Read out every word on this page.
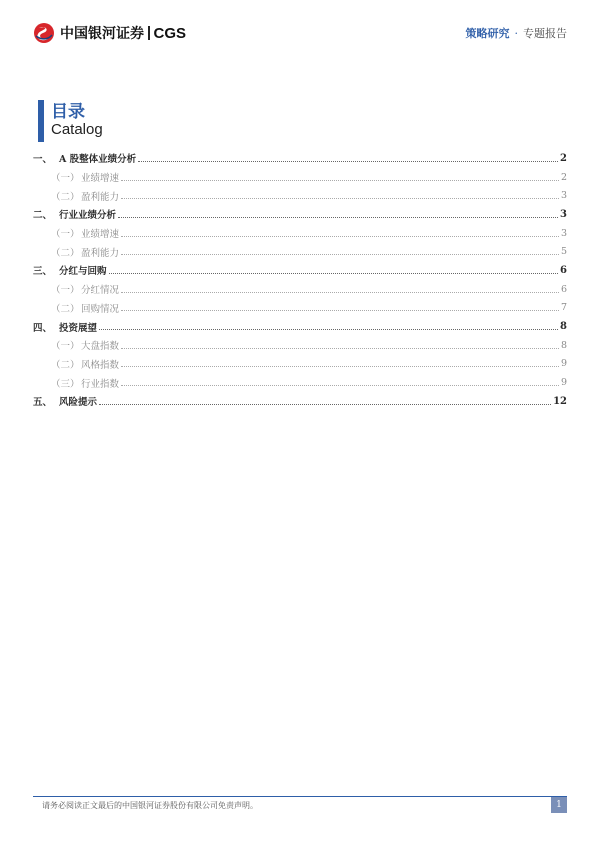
中国银河证券 CGS	策略研究 · 专题报告
目录
Catalog
一、 A 股整体业绩分析	2
（一） 业绩增速	2
（二） 盈利能力	3
二、 行业业绩分析	3
（一） 业绩增速	3
（二） 盈利能力	5
三、 分红与回购	6
（一） 分红情况	6
（二） 回购情况	7
四、 投资展望	8
（一） 大盘指数	8
（二） 风格指数	9
（三） 行业指数	9
五、 风险提示	12
请务必阅读正文最后的中国银河证券股份有限公司免责声明。	1
